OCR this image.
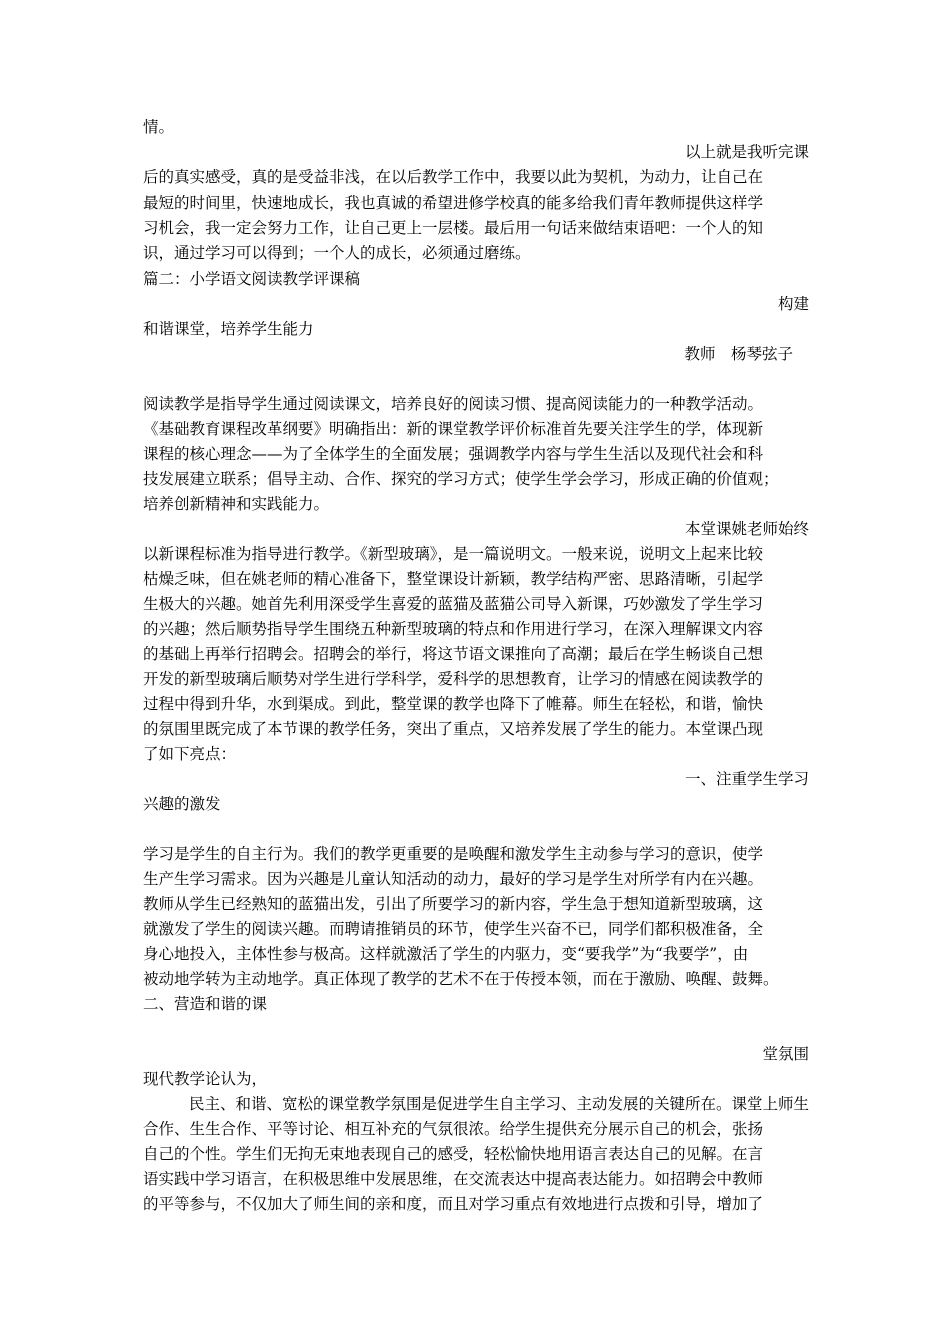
情。
以上就是我听完课
后的真实感受，真的是受益非浅，在以后教学工作中，我要以此为契机，为动力，让自己在
最短的时间里，快速地成长，我也真诚的希望进修学校真的能多给我们青年教师提供这样学
习机会，我一定会努力工作，让自己更上一层楼。最后用一句话来做结束语吧：一个人的知
识，通过学习可以得到；一个人的成长，必须通过磨练。
篇二：小学语文阅读教学评课稿
构建
和谐课堂，培养学生能力
教师　杨琴弦子
阅读教学是指导学生通过阅读课文，培养良好的阅读习惯、提高阅读能力的一种教学活动。
《基础教育课程改革纲要》明确指出：新的课堂教学评价标准首先要关注学生的学，体现新
课程的核心理念——为了全体学生的全面发展；强调教学内容与学生生活以及现代社会和科
技发展建立联系；倡导主动、合作、探究的学习方式；使学生学会学习，形成正确的价值观；
培养创新精神和实践能力。
本堂课姚老师始终
以新课程标准为指导进行教学。《新型玻璃》，是一篇说明文。一般来说，说明文上起来比较
枯燥乏味，但在姚老师的精心准备下，整堂课设计新颖，教学结构严密、思路清晰，引起学
生极大的兴趣。她首先利用深受学生喜爱的蓝猫及蓝猫公司导入新课，巧妙激发了学生学习
的兴趣；然后顺势指导学生围绕五种新型玻璃的特点和作用进行学习，在深入理解课文内容
的基础上再举行招聘会。招聘会的举行，将这节语文课推向了高潮；最后在学生畅谈自己想
开发的新型玻璃后顺势对学生进行学科学，爱科学的思想教育，让学习的情感在阅读教学的
过程中得到升华，水到渠成。到此，整堂课的教学也降下了帷幕。师生在轻松，和谐，愉快
的氛围里既完成了本节课的教学任务，突出了重点，又培养发展了学生的能力。本堂课凸现
了如下亮点：
一、注重学生学习
兴趣的激发
学习是学生的自主行为。我们的教学更重要的是唤醒和激发学生主动参与学习的意识，使学
生产生学习需求。因为兴趣是儿童认知活动的动力，最好的学习是学生对所学有内在兴趣。
教师从学生已经熟知的蓝猫出发，引出了所要学习的新内容，学生急于想知道新型玻璃，这
就激发了学生的阅读兴趣。而聘请推销员的环节，使学生兴奋不已，同学们都积极准备，全
身心地投入，主体性参与极高。这样就激活了学生的内驱力，变“要我学”为“我要学”，由
被动地学转为主动地学。真正体现了教学的艺术不在于传授本领，而在于激励、唤醒、鼓舞。
二、营造和谐的课
堂氛围
现代教学论认为，
民主、和谐、宽松的课堂教学氛围是促进学生自主学习、主动发展的关键所在。课堂上师生
合作、生生合作、平等讨论、相互补充的气氛很浓。给学生提供充分展示自己的机会，张扬
自己的个性。学生们无拘无束地表现自己的感受，轻松愉快地用语言表达自己的见解。在言
语实践中学习语言，在积极思维中发展思维，在交流表达中提高表达能力。如招聘会中教师
的平等参与，不仅加大了师生间的亲和度，而且对学习重点有效地进行点拨和引导，增加了
